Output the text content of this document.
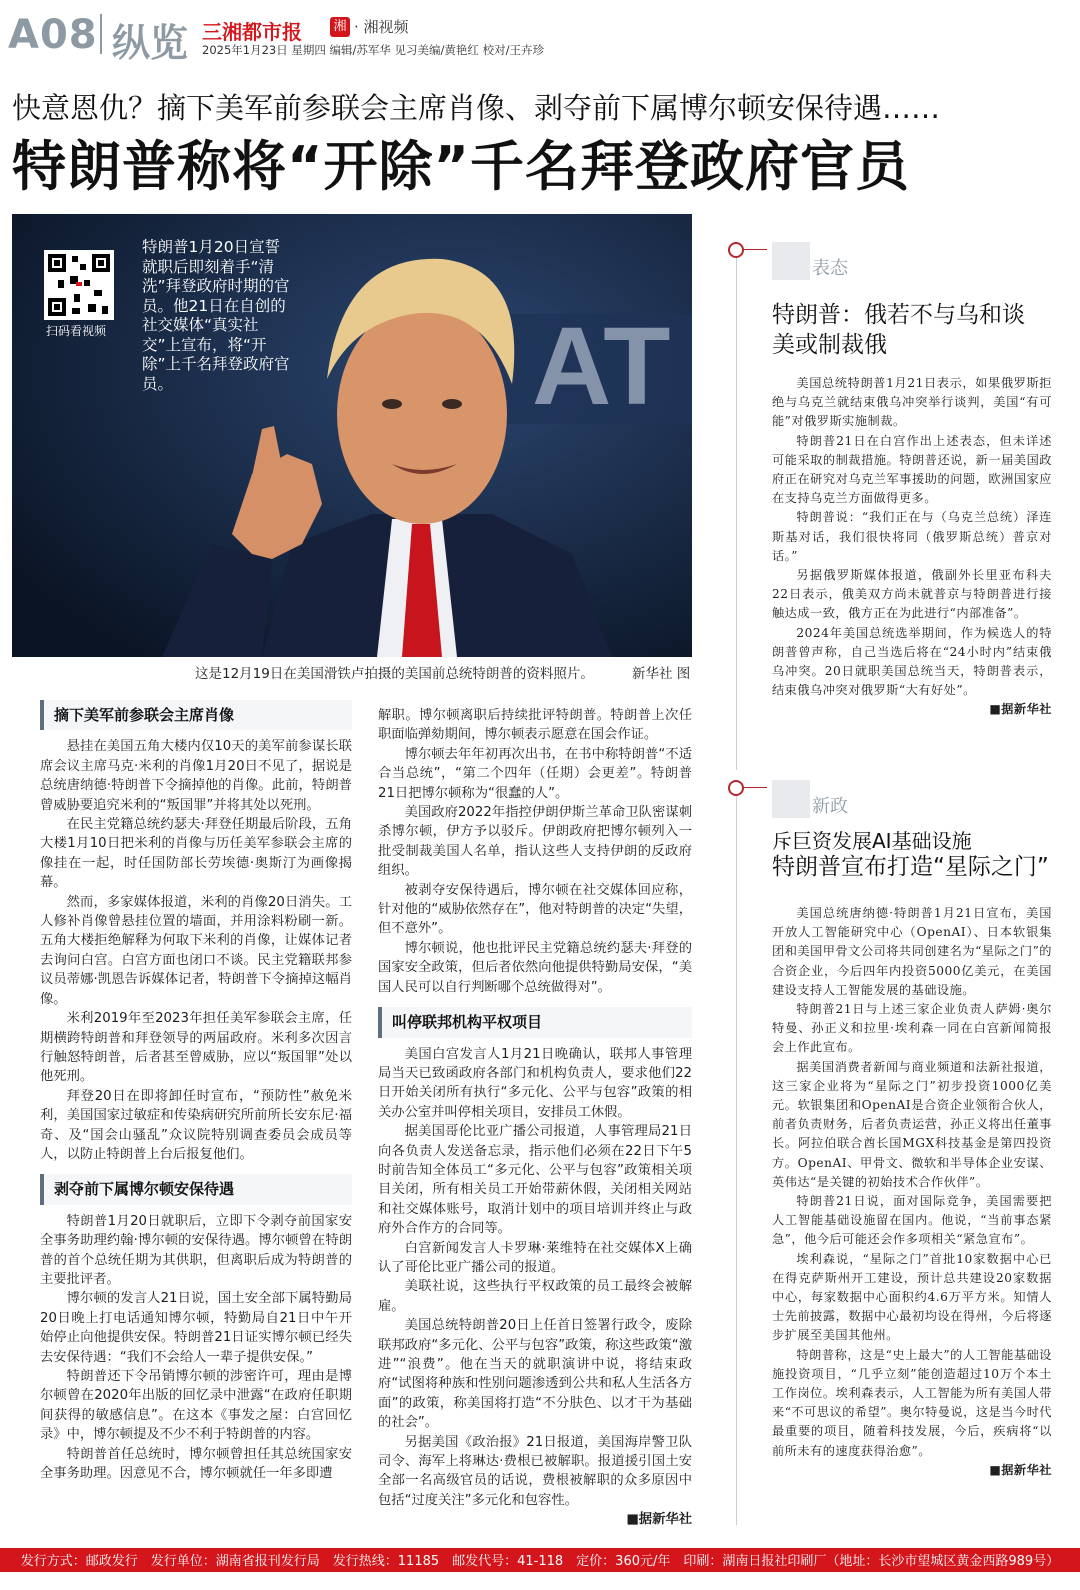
A08 纵览 三湘都市报 湘 · 湘视频
2025年1月23日 星期四 编辑/苏军华 见习美编/黄艳红 校对/王卉珍
快意恩仇？摘下美军前参联会主席肖像、剥夺前下属博尔顿安保待遇……
特朗普称将“开除”千名拜登政府官员
AT
扫码看视频
特朗普1月20日宣誓就职后即刻着手“清洗”拜登政府时期的官员。他21日在自创的社交媒体“真实社交”上宣布，将“开除”上千名拜登政府官员。
这是12月19日在美国滑铁卢拍摄的美国前总统特朗普的资料照片。	新华社 图
摘下美军前参联会主席肖像

悬挂在美国五角大楼内仅10天的美军前参谋长联席会议主席马克·米利的肖像1月20日不见了，据说是总统唐纳德·特朗普下令摘掉他的肖像。此前，特朗普曾威胁要追究米利的“叛国罪”并将其处以死刑。

在民主党籍总统约瑟夫·拜登任期最后阶段，五角大楼1月10日把米利的肖像与历任美军参联会主席的像挂在一起，时任国防部长劳埃德·奥斯汀为画像揭幕。

然而，多家媒体报道，米利的肖像20日消失。工人修补肖像曾悬挂位置的墙面，并用涂料粉刷一新。五角大楼拒绝解释为何取下米利的肖像，让媒体记者去询问白宫。白宫方面也闭口不谈。民主党籍联邦参议员蒂娜·凯恩告诉媒体记者，特朗普下令摘掉这幅肖像。

米利2019年至2023年担任美军参联会主席，任期横跨特朗普和拜登领导的两届政府。米利多次因言行触怒特朗普，后者甚至曾威胁，应以“叛国罪”处以他死刑。

拜登20日在即将卸任时宣布，“预防性”赦免米利，美国国家过敏症和传染病研究所前所长安东尼·福奇、及“国会山骚乱”众议院特别调查委员会成员等人，以防止特朗普上台后报复他们。

剥夺前下属博尔顿安保待遇

特朗普1月20日就职后，立即下令剥夺前国家安全事务助理约翰·博尔顿的安保待遇。博尔顿曾在特朗普的首个总统任期为其供职，但离职后成为特朗普的主要批评者。

博尔顿的发言人21日说，国土安全部下属特勤局20日晚上打电话通知博尔顿，特勤局自21日中午开始停止向他提供安保。特朗普21日证实博尔顿已经失去安保待遇：“我们不会给人一辈子提供安保。”

特朗普还下令吊销博尔顿的涉密许可，理由是博尔顿曾在2020年出版的回忆录中泄露“在政府任职期间获得的敏感信息”。在这本《事发之屋：白宫回忆录》中，博尔顿提及不少不利于特朗普的内容。

特朗普首任总统时，博尔顿曾担任其总统国家安全事务助理。因意见不合，博尔顿就任一年多即遭

解职。博尔顿离职后持续批评特朗普。特朗普上次任职面临弹劾期间，博尔顿表示愿意在国会作证。

博尔顿去年年初再次出书，在书中称特朗普“不适合当总统”，“第二个四年（任期）会更差”。特朗普21日把博尔顿称为“很蠢的人”。

美国政府2022年指控伊朗伊斯兰革命卫队密谋刺杀博尔顿，伊方予以驳斥。伊朗政府把博尔顿列入一批受制裁美国人名单，指认这些人支持伊朗的反政府组织。

被剥夺安保待遇后，博尔顿在社交媒体回应称，针对他的“威胁依然存在”，他对特朗普的决定“失望，但不意外”。

博尔顿说，他也批评民主党籍总统约瑟夫·拜登的国家安全政策，但后者依然向他提供特勤局安保，“美国人民可以自行判断哪个总统做得对”。

叫停联邦机构平权项目

美国白宫发言人1月21日晚确认，联邦人事管理局当天已致函政府各部门和机构负责人，要求他们22日开始关闭所有执行“多元化、公平与包容”政策的相关办公室并叫停相关项目，安排员工休假。

据美国哥伦比亚广播公司报道，人事管理局21日向各负责人发送备忘录，指示他们必须在22日下午5时前告知全体员工“多元化、公平与包容”政策相关项目关闭，所有相关员工开始带薪休假，关闭相关网站和社交媒体账号，取消计划中的项目培训并终止与政府外合作方的合同等。

白宫新闻发言人卡罗琳·莱维特在社交媒体X上确认了哥伦比亚广播公司的报道。

美联社说，这些执行平权政策的员工最终会被解雇。

美国总统特朗普20日上任首日签署行政令，废除联邦政府“多元化、公平与包容”政策，称这些政策“激进”“浪费”。他在当天的就职演讲中说，将结束政府“试图将种族和性别问题渗透到公共和私人生活各方面”的政策，称美国将打造“不分肤色、以才干为基础的社会”。

另据美国《政治报》21日报道，美国海岸警卫队司令、海军上将琳达·费根已被解职。报道援引国土安全部一名高级官员的话说，费根被解职的众多原因中包括“过度关注”多元化和包容性。

■据新华社

表态
特朗普：俄若不与乌和谈
美或制裁俄

美国总统特朗普1月21日表示，如果俄罗斯拒绝与乌克兰就结束俄乌冲突举行谈判，美国“有可能”对俄罗斯实施制裁。

特朗普21日在白宫作出上述表态，但未详述可能采取的制裁措施。特朗普还说，新一届美国政府正在研究对乌克兰军事援助的问题，欧洲国家应在支持乌克兰方面做得更多。

特朗普说：“我们正在与（乌克兰总统）泽连斯基对话，我们很快将同（俄罗斯总统）普京对话。”

另据俄罗斯媒体报道，俄副外长里亚布科夫22日表示，俄美双方尚未就普京与特朗普进行接触达成一致，俄方正在为此进行“内部准备”。

2024年美国总统选举期间，作为候选人的特朗普曾声称，自己当选后将在“24小时内”结束俄乌冲突。20日就职美国总统当天，特朗普表示，结束俄乌冲突对俄罗斯“大有好处”。

■据新华社

新政
斥巨资发展AI基础设施
特朗普宣布打造“星际之门”

美国总统唐纳德·特朗普1月21日宣布，美国开放人工智能研究中心（OpenAI）、日本软银集团和美国甲骨文公司将共同创建名为“星际之门”的合资企业，今后四年内投资5000亿美元，在美国建设支持人工智能发展的基础设施。

特朗普21日与上述三家企业负责人萨姆·奥尔特曼、孙正义和拉里·埃利森一同在白宫新闻简报会上作此宣布。

据美国消费者新闻与商业频道和法新社报道，这三家企业将为“星际之门”初步投资1000亿美元。软银集团和OpenAI是合资企业领衔合伙人，前者负责财务，后者负责运营，孙正义将出任董事长。阿拉伯联合酋长国MGX科技基金是第四投资方。OpenAI、甲骨文、微软和半导体企业安谋、英伟达“是关键的初始技术合作伙伴”。

特朗普21日说，面对国际竞争，美国需要把人工智能基础设施留在国内。他说，“当前事态紧急”，他今后可能还会作多项相关“紧急宣布”。

埃利森说，“星际之门”首批10家数据中心已在得克萨斯州开工建设，预计总共建设20家数据中心，每家数据中心面积约4.6万平方米。知情人士先前披露，数据中心最初均设在得州，今后将逐步扩展至美国其他州。

特朗普称，这是“史上最大”的人工智能基础设施投资项目，“几乎立刻”能创造超过10万个本土工作岗位。埃利森表示，人工智能为所有美国人带来“不可思议的希望”。奥尔特曼说，这是当今时代最重要的项目，随着科技发展，今后，疾病将“以前所未有的速度获得治愈”。

■据新华社

发行方式：邮政发行　发行单位：湖南省报刊发行局　发行热线：11185　邮发代号：41-118　定价：360元/年　印刷：湖南日报社印刷厂（地址：长沙市望城区黄金西路989号）
